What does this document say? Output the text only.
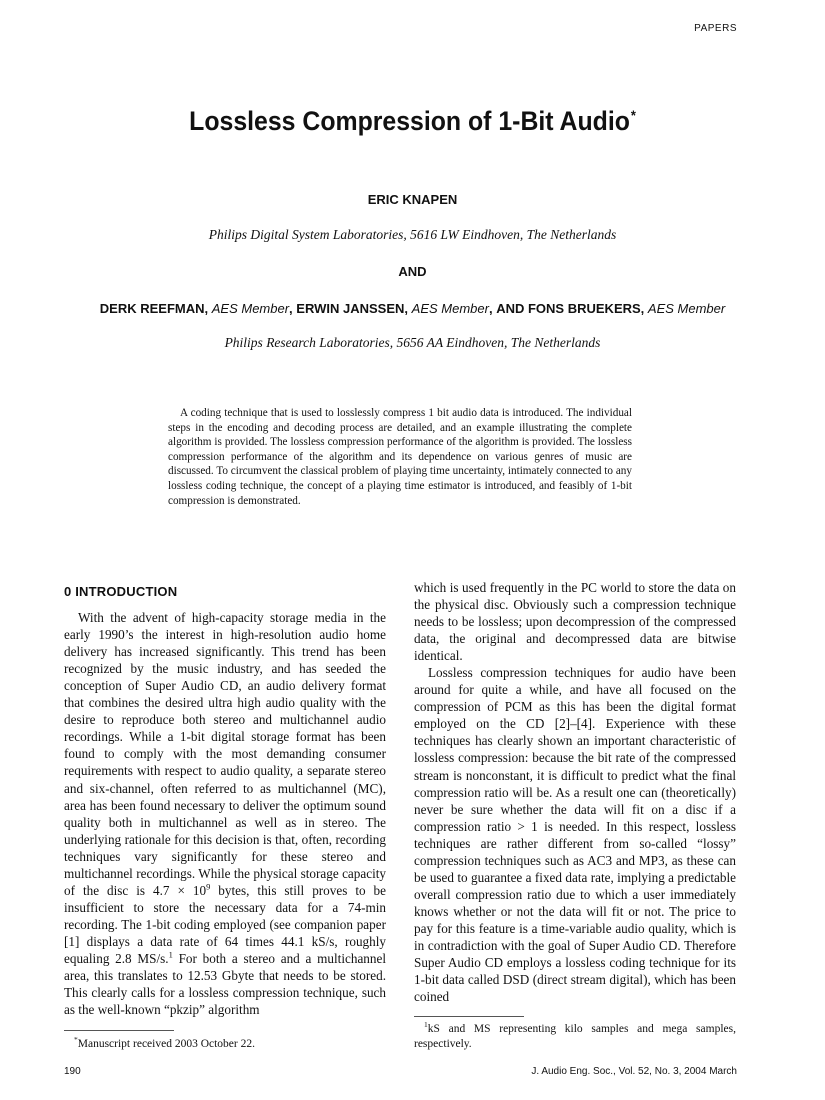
PAPERS
Lossless Compression of 1-Bit Audio*
ERIC KNAPEN
Philips Digital System Laboratories, 5616 LW Eindhoven, The Netherlands
AND
DERK REEFMAN, AES Member, ERWIN JANSSEN, AES Member, AND FONS BRUEKERS, AES Member
Philips Research Laboratories, 5656 AA Eindhoven, The Netherlands
A coding technique that is used to losslessly compress 1 bit audio data is introduced. The individual steps in the encoding and decoding process are detailed, and an example illustrating the complete algorithm is provided. The lossless compression performance of the algorithm is provided. The lossless compression performance of the algorithm and its dependence on various genres of music are discussed. To circumvent the classical problem of playing time uncertainty, intimately connected to any lossless coding technique, the concept of a playing time estimator is introduced, and feasibly of 1-bit compression is demonstrated.
0 INTRODUCTION

With the advent of high-capacity storage media in the early 1990’s the interest in high-resolution audio home delivery has increased significantly. This trend has been recognized by the music industry, and has seeded the conception of Super Audio CD, an audio delivery format that combines the desired ultra high audio quality with the desire to reproduce both stereo and multichannel audio recordings. While a 1-bit digital storage format has been found to comply with the most demanding consumer requirements with respect to audio quality, a separate stereo and six-channel, often referred to as multichannel (MC), area has been found necessary to deliver the optimum sound quality both in multichannel as well as in stereo. The underlying rationale for this decision is that, often, recording techniques vary significantly for these stereo and multichannel recordings. While the physical storage capacity of the disc is $4.7 \times 10^9$ bytes, this still proves to be insufficient to store the necessary data for a 74-min recording. The 1-bit coding employed (see companion paper [1] displays a data rate of 64 times 44.1 kS/s, roughly equaling 2.8 MS/s.$^1$ For both a stereo and a multichannel area, this translates to 12.53 Gbyte that needs to be stored. This clearly calls for a lossless compression technique, such as the well-known “pkzip” algorithm

which is used frequently in the PC world to store the data on the physical disc. Obviously such a compression technique needs to be lossless; upon decompression of the compressed data, the original and decompressed data are bitwise identical.

Lossless compression techniques for audio have been around for quite a while, and have all focused on the compression of PCM as this has been the digital format employed on the CD [2]–[4]. Experience with these techniques has clearly shown an important characteristic of lossless compression: because the bit rate of the compressed stream is nonconstant, it is difficult to predict what the final compression ratio will be. As a result one can (theoretically) never be sure whether the data will fit on a disc if a compression ratio > 1 is needed. In this respect, lossless techniques are rather different from so-called “lossy” compression techniques such as AC3 and MP3, as these can be used to guarantee a fixed data rate, implying a predictable overall compression ratio due to which a user immediately knows whether or not the data will fit or not. The price to pay for this feature is a time-variable audio quality, which is in contradiction with the goal of Super Audio CD. Therefore Super Audio CD employs a lossless coding technique for its 1-bit data called DSD (direct stream digital), which has been coined

*Manuscript received 2003 October 22.
$^1$kS and MS representing kilo samples and mega samples, respectively.
190	J. Audio Eng. Soc., Vol. 52, No. 3, 2004 March
